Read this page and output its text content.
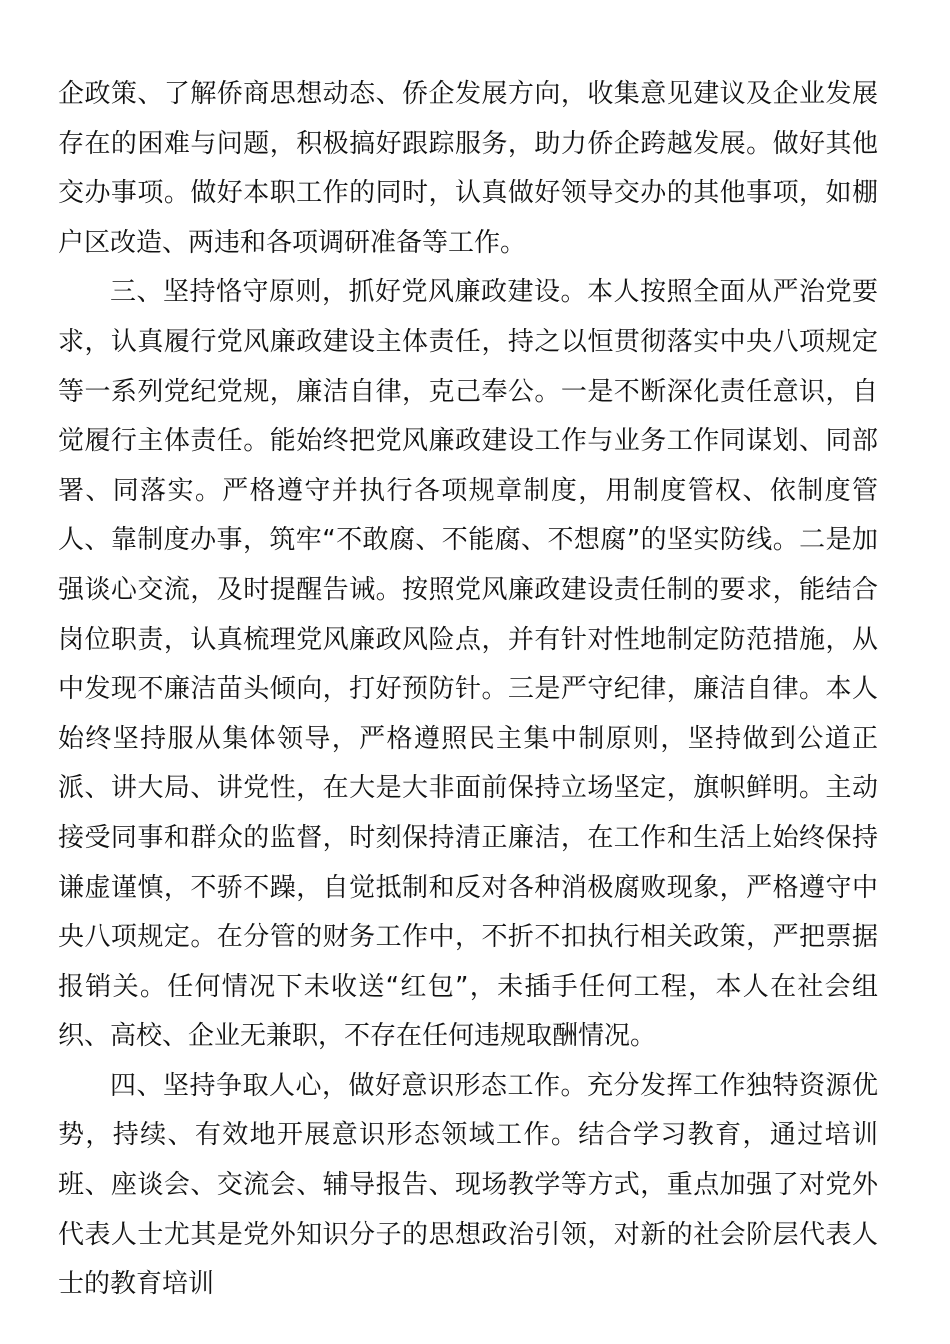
企政策、了解侨商思想动态、侨企发展方向，收集意见建议及企业发展存在的困难与问题，积极搞好跟踪服务，助力侨企跨越发展。做好其他交办事项。做好本职工作的同时，认真做好领导交办的其他事项，如棚户区改造、两违和各项调研准备等工作。

三、坚持恪守原则，抓好党风廉政建设。本人按照全面从严治党要求，认真履行党风廉政建设主体责任，持之以恒贯彻落实中央八项规定等一系列党纪党规，廉洁自律，克己奉公。一是不断深化责任意识，自觉履行主体责任。能始终把党风廉政建设工作与业务工作同谋划、同部署、同落实。严格遵守并执行各项规章制度，用制度管权、依制度管人、靠制度办事，筑牢“不敢腐、不能腐、不想腐”的坚实防线。二是加强谈心交流，及时提醒告诫。按照党风廉政建设责任制的要求，能结合岗位职责，认真梳理党风廉政风险点，并有针对性地制定防范措施，从中发现不廉洁苗头倾向，打好预防针。三是严守纪律，廉洁自律。本人始终坚持服从集体领导，严格遵照民主集中制原则，坚持做到公道正派、讲大局、讲党性，在大是大非面前保持立场坚定，旗帜鲜明。主动接受同事和群众的监督，时刻保持清正廉洁，在工作和生活上始终保持谦虚谨慎，不骄不躁，自觉抵制和反对各种消极腐败现象，严格遵守中央八项规定。在分管的财务工作中，不折不扣执行相关政策，严把票据报销关。任何情况下未收送“红包”，未插手任何工程，本人在社会组织、高校、企业无兼职，不存在任何违规取酬情况。

四、坚持争取人心，做好意识形态工作。充分发挥工作独特资源优势，持续、有效地开展意识形态领域工作。结合学习教育，通过培训班、座谈会、交流会、辅导报告、现场教学等方式，重点加强了对党外代表人士尤其是党外知识分子的思想政治引领，对新的社会阶层代表人士的教育培训
